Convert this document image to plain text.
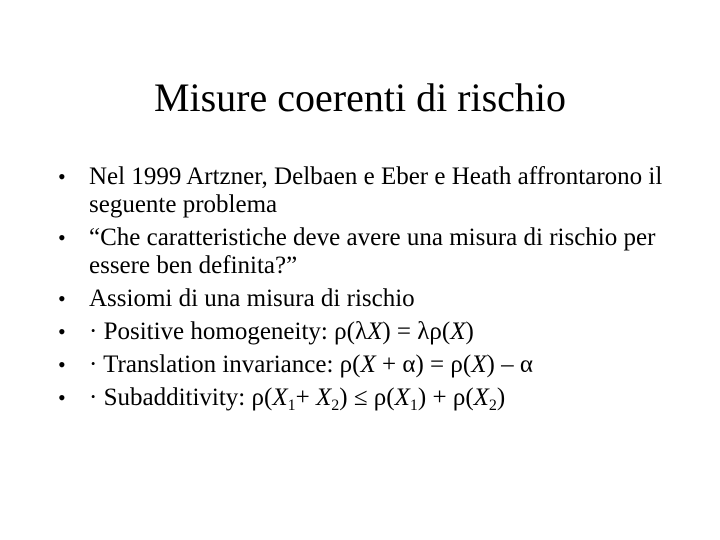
Misure coerenti di rischio
• Nel 1999 Artzner, Delbaen e Eber e Heath affrontarono il seguente problema
• “Che caratteristiche deve avere una misura di rischio per essere ben definita?”
• Assiomi di una misura di rischio
• · Positive homogeneity: ρ(λX) = λρ(X)
• · Translation invariance: ρ(X + α) = ρ(X) – α
• · Subadditivity: $\rho(X_1+ X_2) \le \rho(X_1) + \rho(X_2)$
